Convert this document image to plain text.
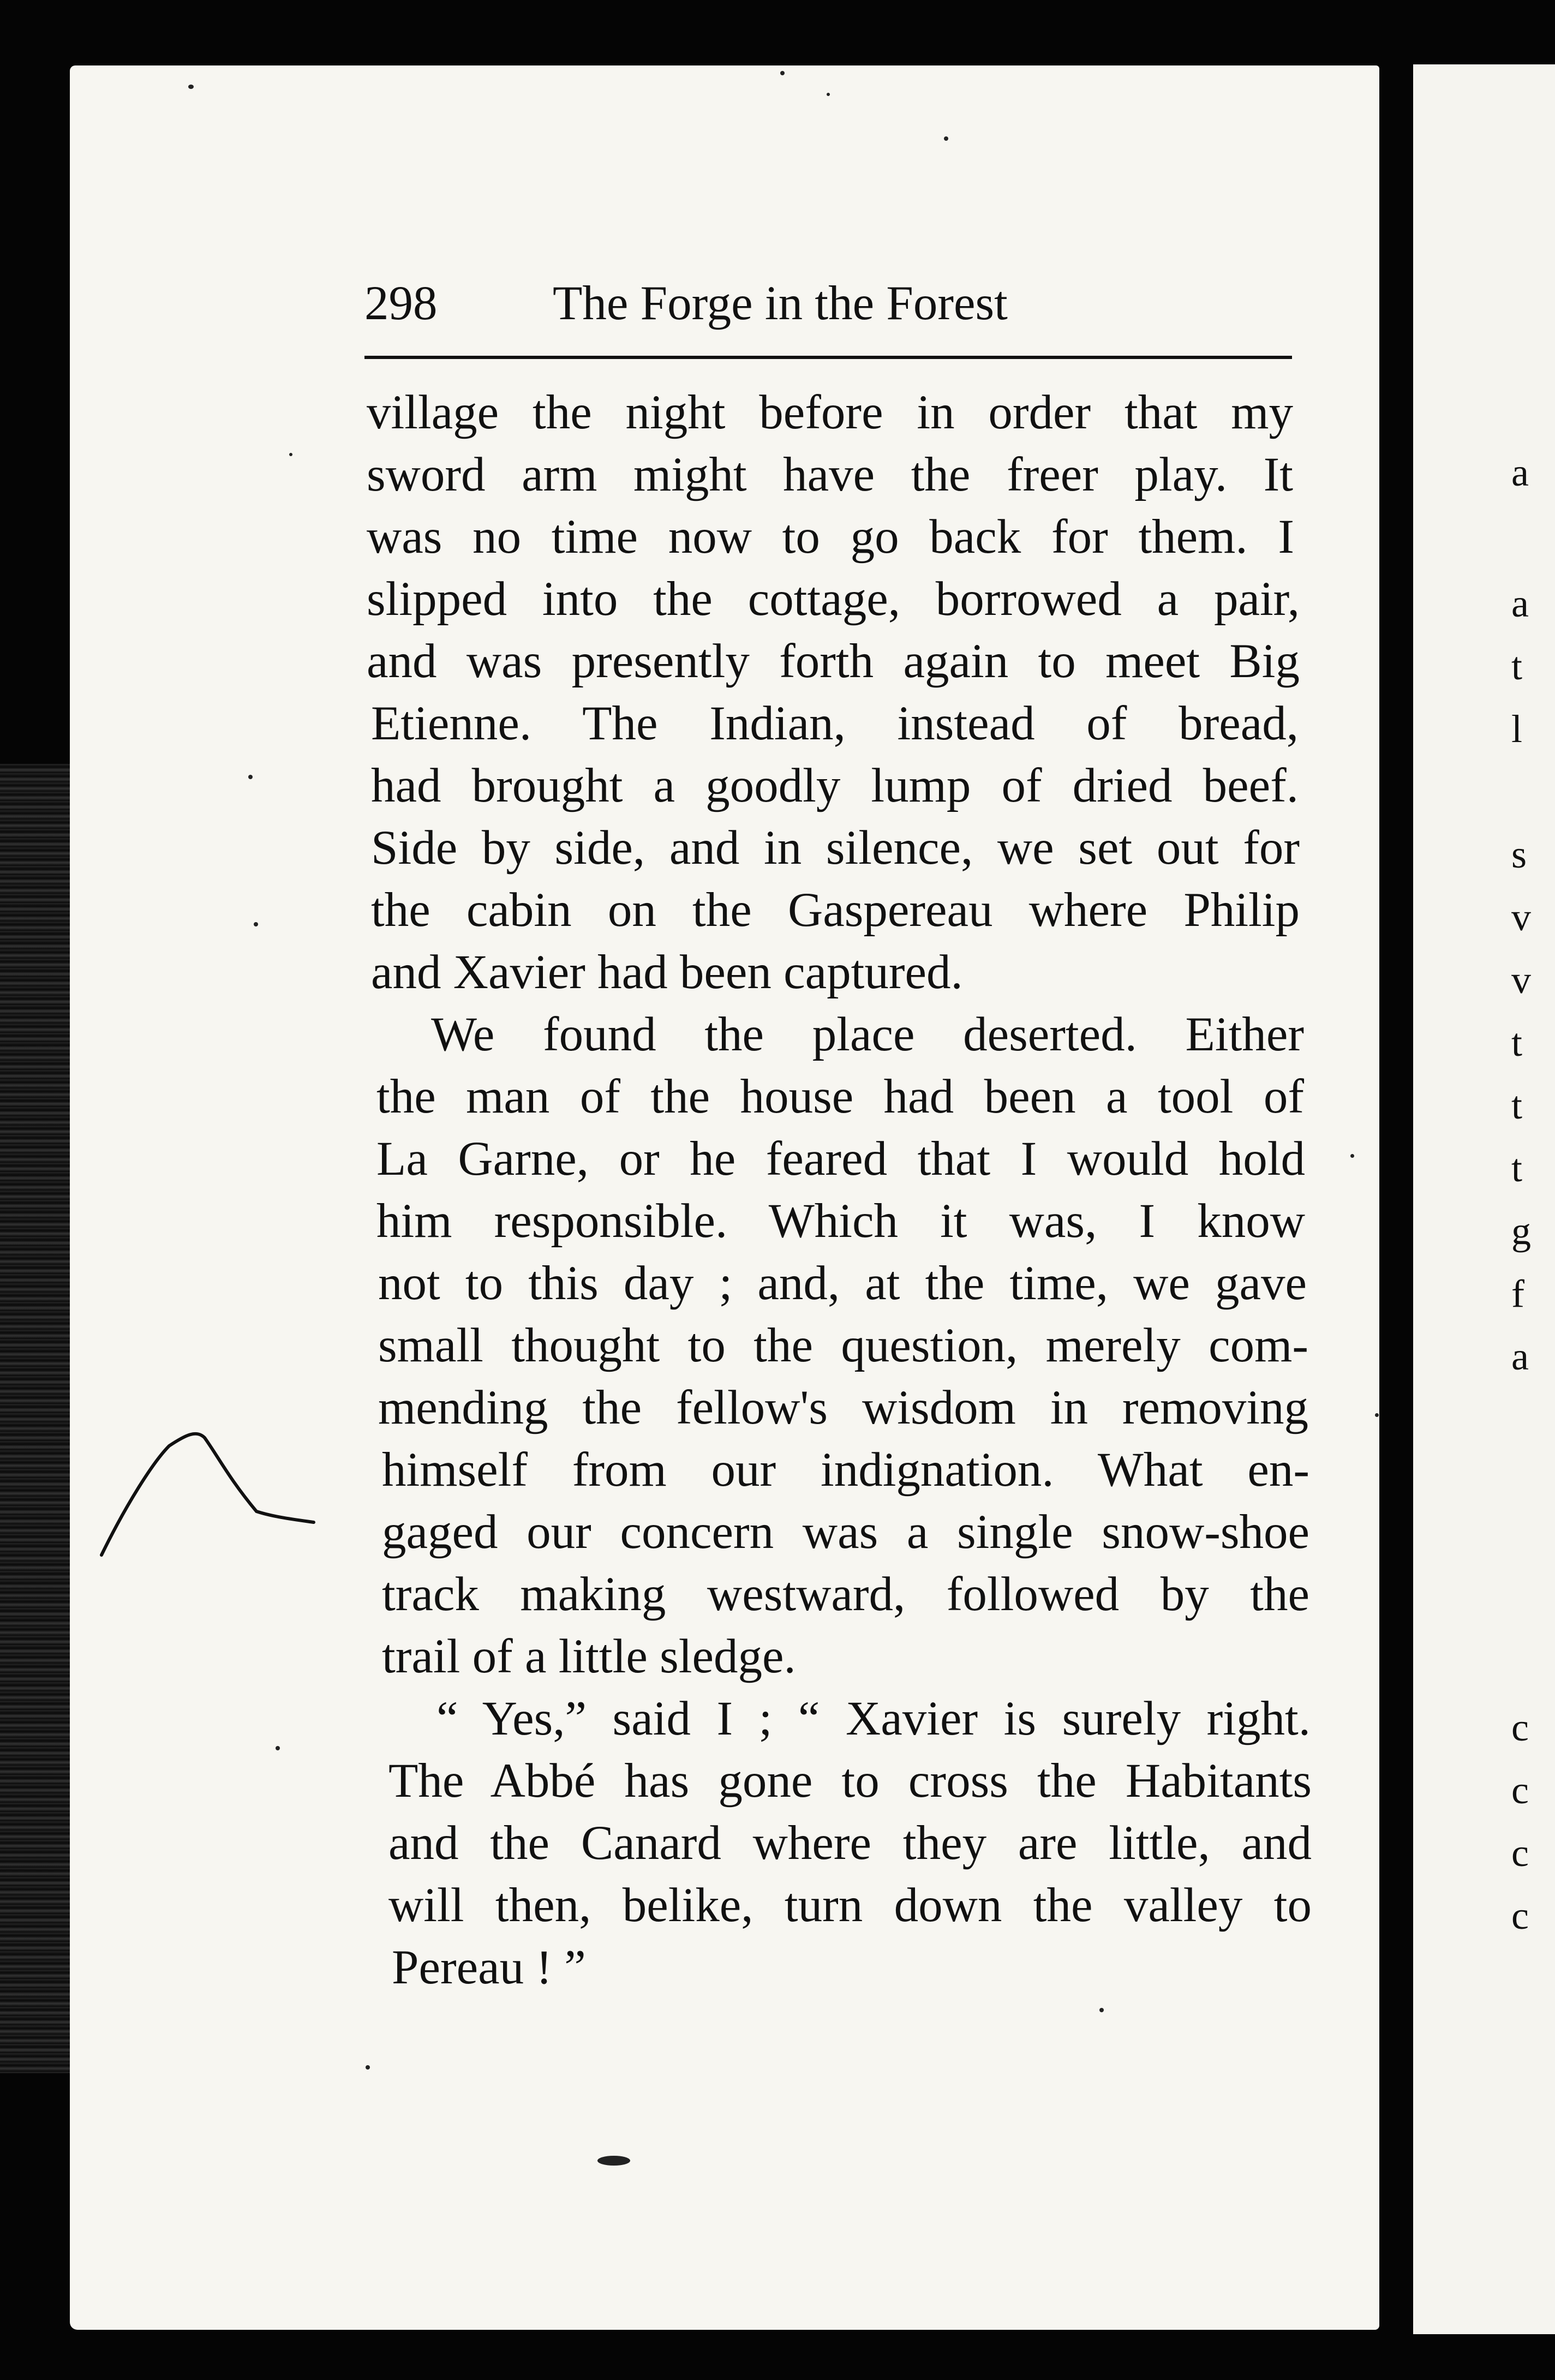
a
a
t
l
s
v
v
t
t
t
g
f
a
c
c
c
c
298 The Forge in the Forest
village the night before in order that my
sword arm might have the freer play. It
was no time now to go back for them. I
slipped into the cottage, borrowed a pair,
and was presently forth again to meet Big
Etienne. The Indian, instead of bread,
had brought a goodly lump of dried beef.
Side by side, and in silence, we set out for
the cabin on the Gaspereau where Philip
and Xavier had been captured.
We found the place deserted. Either
the man of the house had been a tool of
La Garne, or he feared that I would hold
him responsible. Which it was, I know
not to this day ; and, at the time, we gave
small thought to the question, merely com-
mending the fellow's wisdom in removing
himself from our indignation. What en-
gaged our concern was a single snow-shoe
track making westward, followed by the
trail of a little sledge.
“ Yes,” said I ; “ Xavier is surely right.
The Abbé has gone to cross the Habitants
and the Canard where they are little, and
will then, belike, turn down the valley to
Pereau ! ”
